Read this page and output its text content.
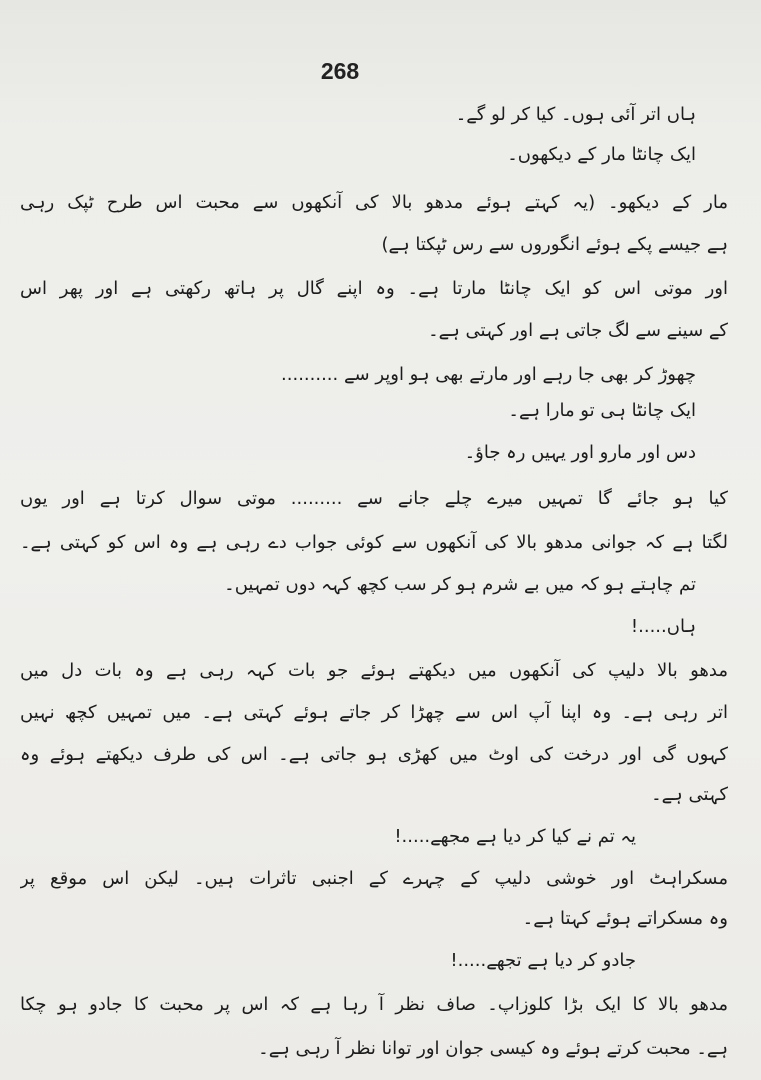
268
ہاں اتر آئی ہوں۔ کیا کر لو گے۔
ایک چانٹا مار کے دیکھوں۔
مار کے دیکھو۔ (یہ کہتے ہوئے مدھو بالا کی آنکھوں سے محبت اس طرح ٹپک رہی
ہے جیسے پکے ہوئے انگوروں سے رس ٹپکتا ہے)
اور موتی اس کو ایک چانٹا مارتا ہے۔ وہ اپنے گال پر ہاتھ رکھتی ہے اور پھر اس
کے سینے سے لگ جاتی ہے اور کہتی ہے۔
چھوڑ کر بھی جا رہے اور مارتے بھی ہو اوپر سے ..........
ایک چانٹا ہی تو مارا ہے۔
دس اور مارو اور یہیں رہ جاؤ۔
کیا ہو جائے گا تمہیں میرے چلے جانے سے ......... موتی سوال کرتا ہے اور یوں
لگتا ہے کہ جوانی مدھو بالا کی آنکھوں سے کوئی جواب دے رہی ہے وہ اس کو کہتی ہے۔
تم چاہتے ہو کہ میں بے شرم ہو کر سب کچھ کہہ دوں تمہیں۔
ہاں.....!
مدھو بالا دلیپ کی آنکھوں میں دیکھتے ہوئے جو بات کہہ رہی ہے وہ بات دل میں
اتر رہی ہے۔ وہ اپنا آپ اس سے چھڑا کر جاتے ہوئے کہتی ہے۔ میں تمہیں کچھ نہیں
کہوں گی اور درخت کی اوٹ میں کھڑی ہو جاتی ہے۔ اس کی طرف دیکھتے ہوئے وہ
کہتی ہے۔
یہ تم نے کیا کر دیا ہے مجھے.....!
مسکراہٹ اور خوشی دلیپ کے چہرے کے اجنبی تاثرات ہیں۔ لیکن اس موقع پر
وہ مسکراتے ہوئے کہتا ہے۔
جادو کر دیا ہے تجھے.....!
مدھو بالا کا ایک بڑا کلوزاپ۔ صاف نظر آ رہا ہے کہ اس پر محبت کا جادو ہو چکا
ہے۔ محبت کرتے ہوئے وہ کیسی جوان اور توانا نظر آ رہی ہے۔
